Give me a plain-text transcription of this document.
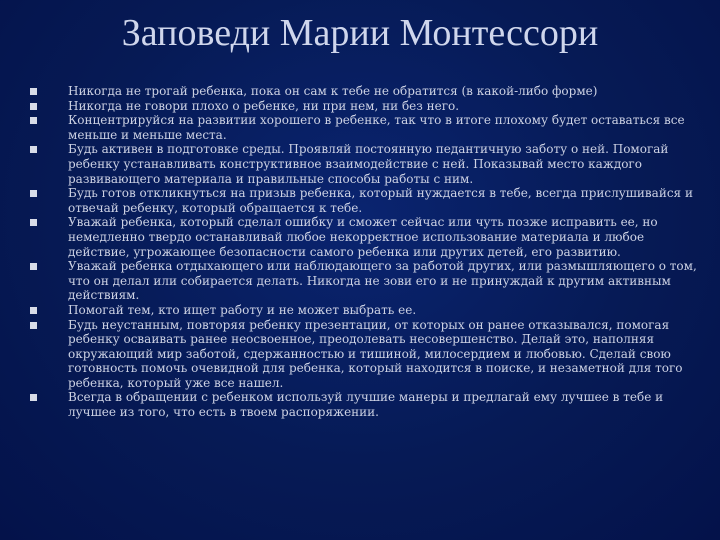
Заповеди Марии Монтессори
Никогда не трогай ребенка, пока он сам к тебе не обратится (в какой-либо форме)
Никогда не говори плохо о ребенке, ни при нем, ни без него.
Концентрируйся на развитии хорошего в ребенке, так что в итоге плохому будет оставаться все меньше и меньше места.
Будь активен в подготовке среды. Проявляй постоянную педантичную заботу о ней. Помогай ребенку устанавливать конструктивное взаимодействие с ней. Показывай место каждого развивающего материала и правильные способы работы с ним.
Будь готов откликнуться на призыв ребенка, который нуждается в тебе, всегда прислушивайся и отвечай ребенку, который обращается к тебе.
Уважай ребенка, который сделал ошибку и сможет сейчас или чуть позже исправить ее, но немедленно твердо останавливай любое некорректное использование материала и любое действие, угрожающее безопасности самого ребенка или других детей, его развитию.
Уважай ребенка отдыхающего или наблюдающего за работой других, или размышляющего о том, что он делал или собирается делать. Никогда не зови его и не принуждай к другим активным действиям.
Помогай тем, кто ищет работу и не может выбрать ее.
Будь неустанным, повторяя ребенку презентации, от которых он ранее отказывался, помогая ребенку осваивать ранее неосвоенное, преодолевать несовершенство. Делай это, наполняя окружающий мир заботой, сдержанностью и тишиной, милосердием и любовью. Сделай свою готовность помочь очевидной для ребенка, который находится в поиске, и незаметной для того ребенка, который уже все нашел.
Всегда в обращении с ребенком используй лучшие манеры и предлагай ему лучшее в тебе и лучшее из того, что есть в твоем распоряжении.
